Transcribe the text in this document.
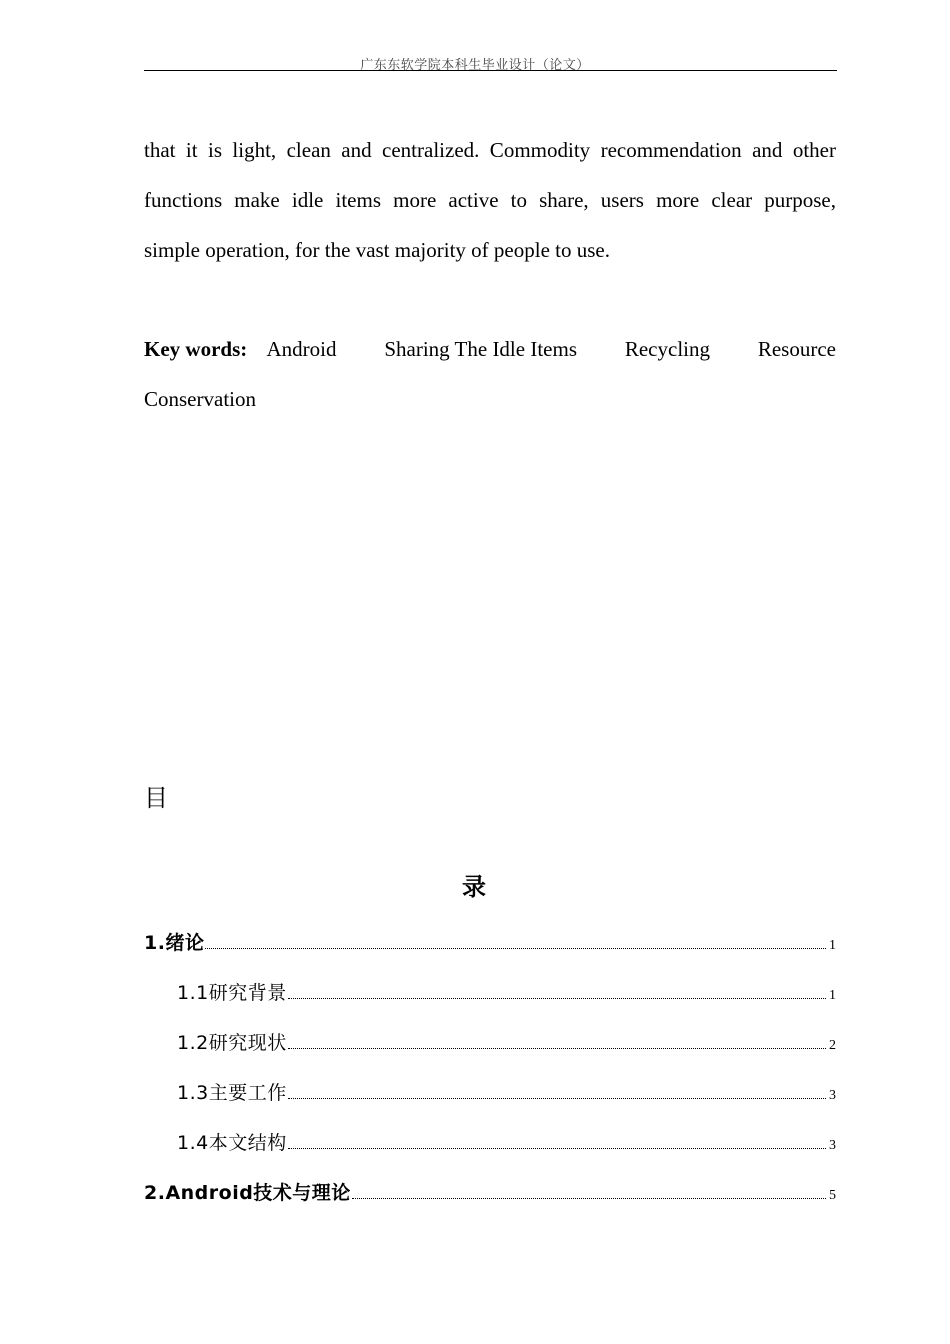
广东东软学院本科生毕业设计（论文）
that it is light, clean and centralized. Commodity recommendation and other
functions make idle items more active to share, users more clear purpose,
simple operation, for the vast majority of people to use.
Key words: Android Sharing The Idle Items Recycling Resource
Conservation
目
录
1.绪论	1
1.1研究背景	1
1.2研究现状	2
1.3主要工作	3
1.4本文结构	3
2.Android技术与理论	5
